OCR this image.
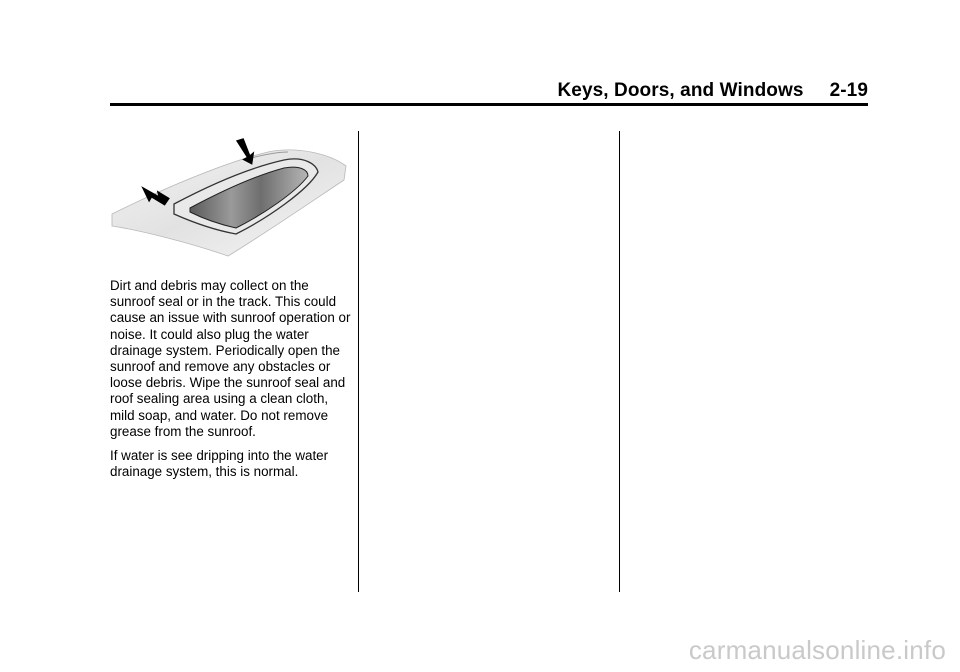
Keys, Doors, and Windows 2-19

Dirt and debris may collect on the sunroof seal or in the track. This could cause an issue with sunroof operation or noise. It could also plug the water drainage system. Periodically open the sunroof and remove any obstacles or loose debris. Wipe the sunroof seal and roof sealing area using a clean cloth, mild soap, and water. Do not remove grease from the sunroof.

If water is see dripping into the water drainage system, this is normal.

carmanualsonline.info
